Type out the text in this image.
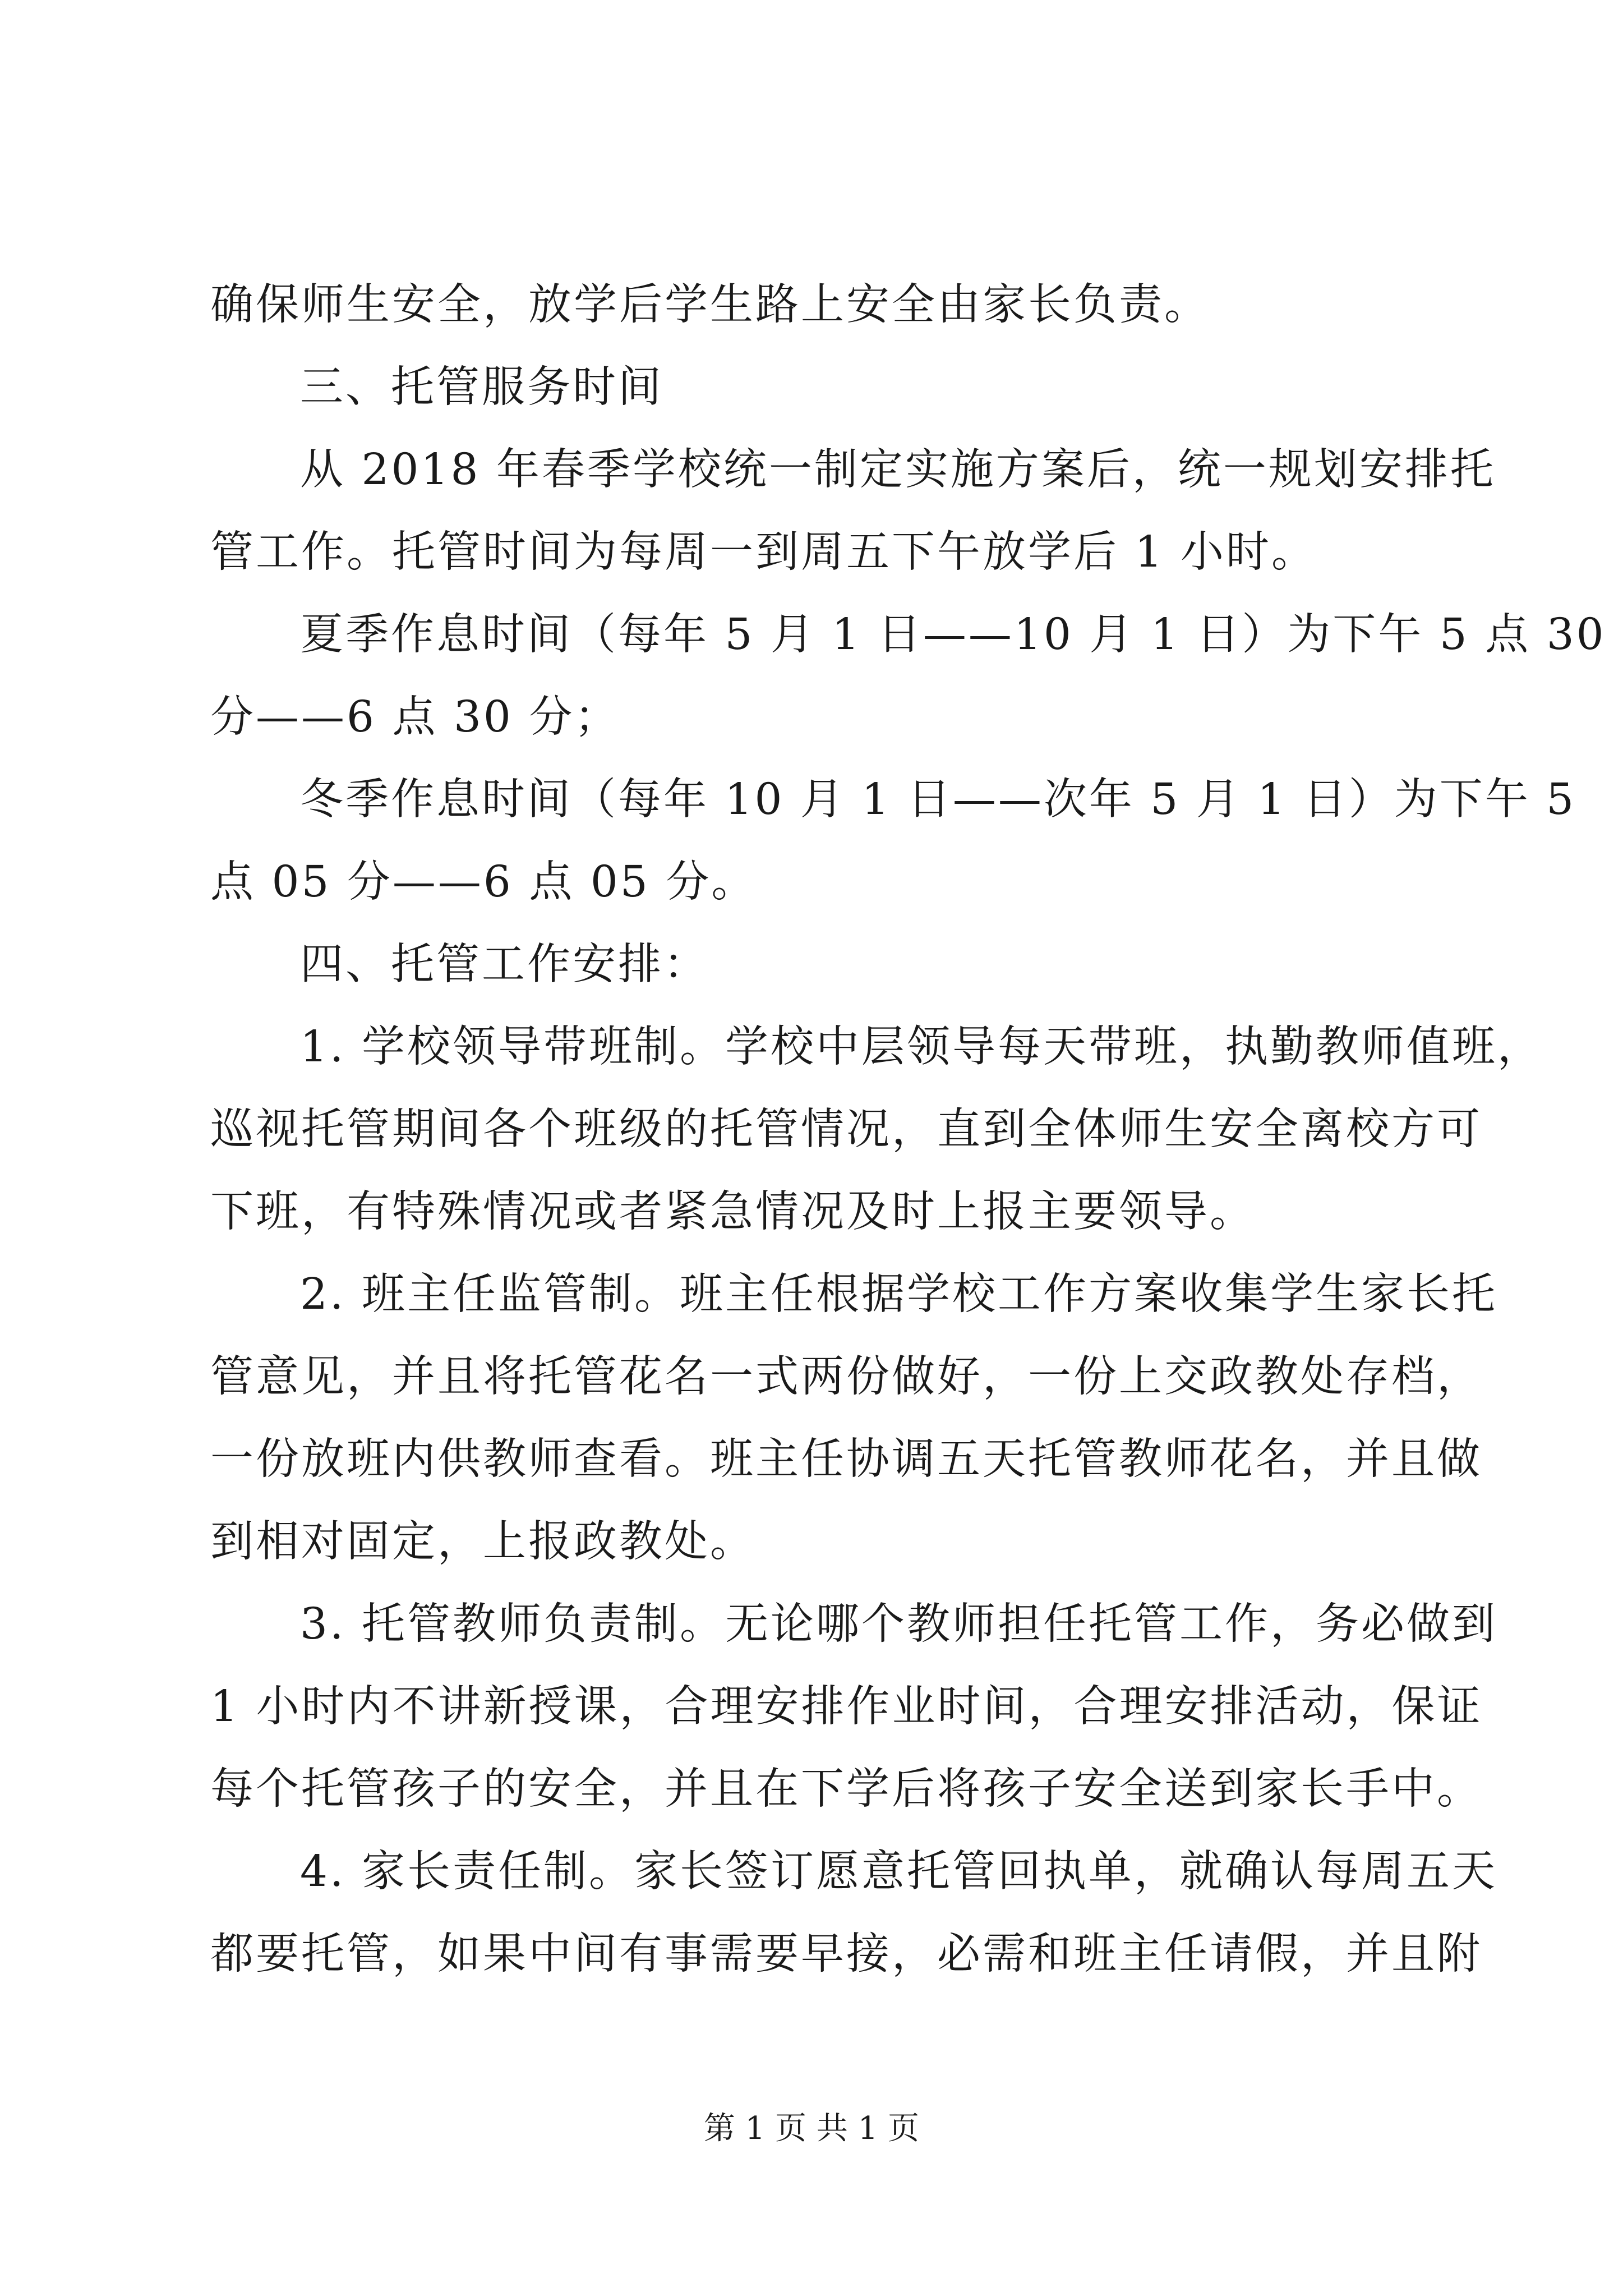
确保师生安全，放学后学生路上安全由家长负责。
三、托管服务时间
从 2018 年春季学校统一制定实施方案后，统一规划安排托
管工作。托管时间为每周一到周五下午放学后 1 小时。
夏季作息时间（每年 5 月 1 日——10 月 1 日）为下午 5 点 30
分——6 点 30 分；
冬季作息时间（每年 10 月 1 日——次年 5 月 1 日）为下午 5
点 05 分——6 点 05 分。
四、托管工作安排：
1. 学校领导带班制。学校中层领导每天带班，执勤教师值班，
巡视托管期间各个班级的托管情况，直到全体师生安全离校方可
下班，有特殊情况或者紧急情况及时上报主要领导。
2. 班主任监管制。班主任根据学校工作方案收集学生家长托
管意见，并且将托管花名一式两份做好，一份上交政教处存档，
一份放班内供教师查看。班主任协调五天托管教师花名，并且做
到相对固定，上报政教处。
3. 托管教师负责制。无论哪个教师担任托管工作，务必做到
1 小时内不讲新授课，合理安排作业时间，合理安排活动，保证
每个托管孩子的安全，并且在下学后将孩子安全送到家长手中。
4. 家长责任制。家长签订愿意托管回执单，就确认每周五天
都要托管，如果中间有事需要早接，必需和班主任请假，并且附
第 1 页 共 1 页
